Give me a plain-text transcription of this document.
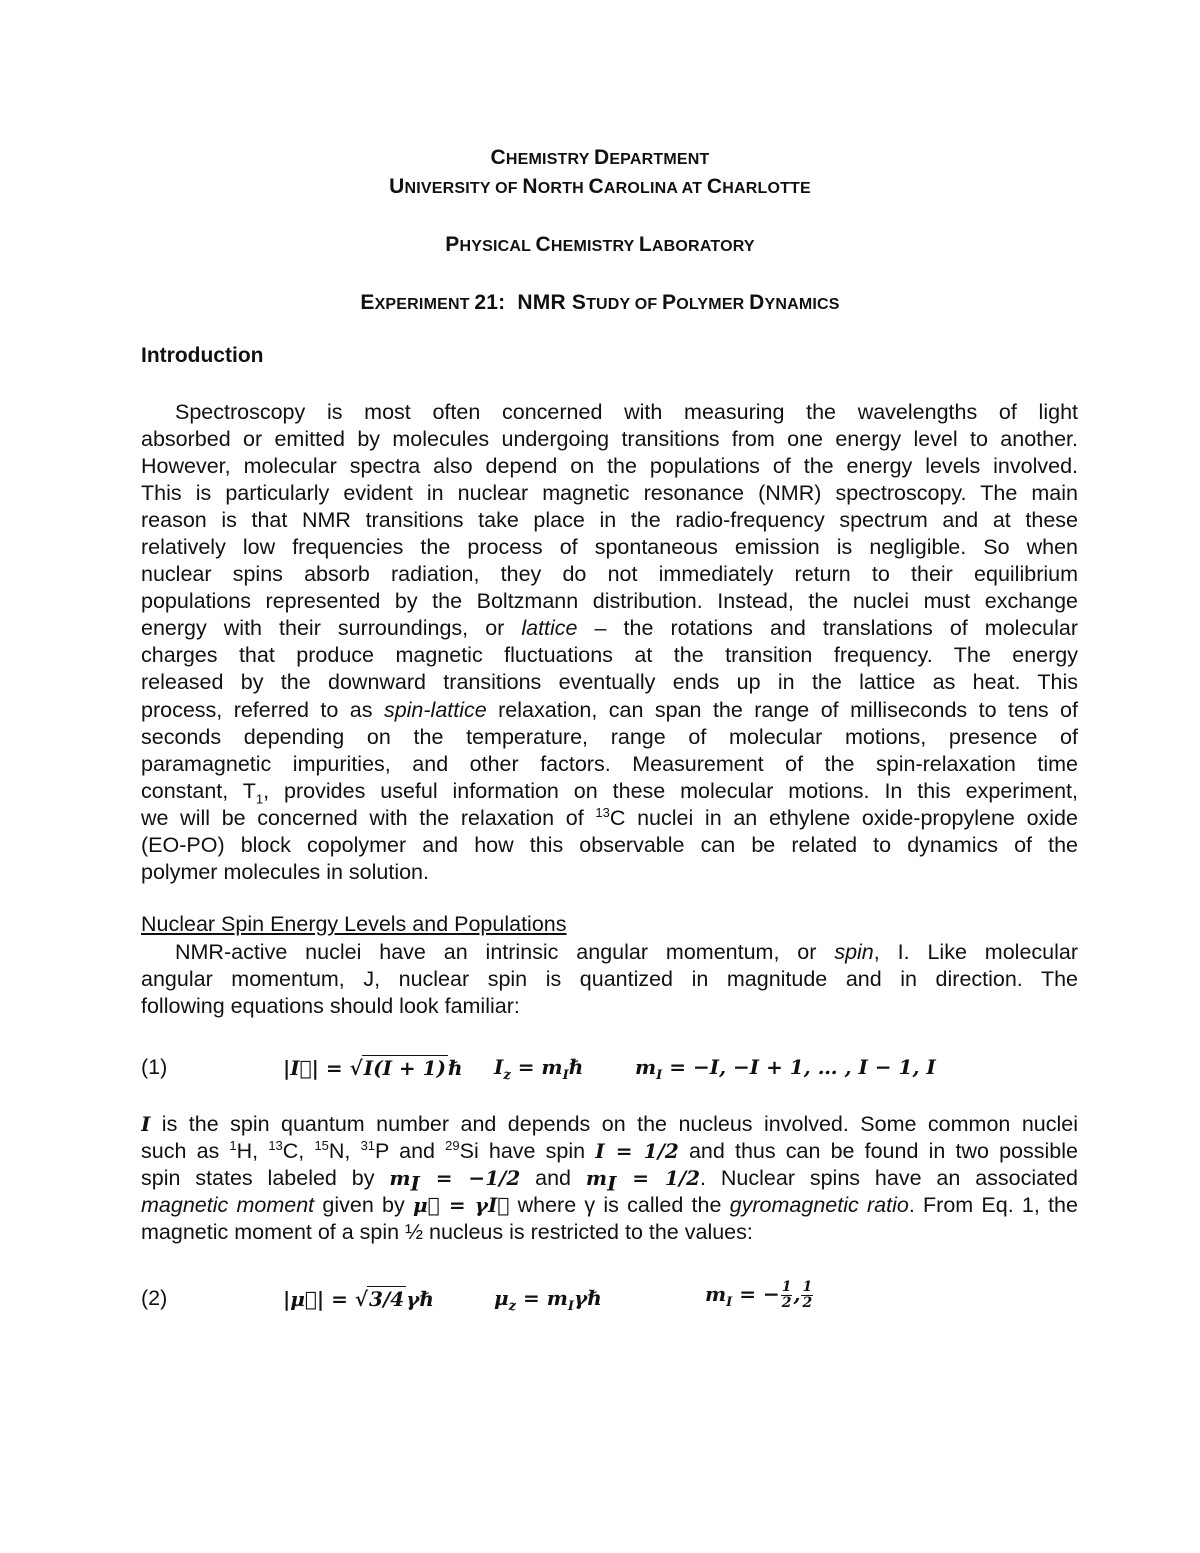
CHEMISTRY DEPARTMENT
UNIVERSITY OF NORTH CAROLINA AT CHARLOTTE
PHYSICAL CHEMISTRY LABORATORY
EXPERIMENT 21:  NMR STUDY OF POLYMER DYNAMICS
Introduction
Spectroscopy is most often concerned with measuring the wavelengths of light
absorbed or emitted by molecules undergoing transitions from one energy level to another.
However, molecular spectra also depend on the populations of the energy levels involved.
This is particularly evident in nuclear magnetic resonance (NMR) spectroscopy. The main
reason is that NMR transitions take place in the radio-frequency spectrum and at these
relatively low frequencies the process of spontaneous emission is negligible. So when
nuclear spins absorb radiation, they do not immediately return to their equilibrium
populations represented by the Boltzmann distribution. Instead, the nuclei must exchange
energy with their surroundings, or lattice – the rotations and translations of molecular
charges that produce magnetic fluctuations at the transition frequency. The energy
released by the downward transitions eventually ends up in the lattice as heat. This
process, referred to as spin-lattice relaxation, can span the range of milliseconds to tens of
seconds depending on the temperature, range of molecular motions, presence of
paramagnetic impurities, and other factors. Measurement of the spin-relaxation time
constant, $T_1$, provides useful information on these molecular motions. In this experiment,
we will be concerned with the relaxation of $^{13}$C nuclei in an ethylene oxide-propylene oxide
(EO-PO) block copolymer and how this observable can be related to dynamics of the
polymer molecules in solution.
Nuclear Spin Energy Levels and Populations
NMR-active nuclei have an intrinsic angular momentum, or spin, I. Like molecular
angular momentum, J, nuclear spin is quantized in magnitude and in direction. The
following equations should look familiar:
(1)	|I⃗| = √I(I + 1) ℏ $I_z$ = $m_I\hbar$	$m_I = -I$, −I + 1, … , I − 1, I
I is the spin quantum number and depends on the nucleus involved. Some common nuclei
such as $^1$H, $^{13}$C, $^{15}$N, $^{31}$P and $^{29}$Si have spin I = 1/2 and thus can be found in two possible
spin states labeled by $m_I = -1/2$ and $m_I = 1/2$. Nuclear spins have an associated
magnetic moment given by μ⃗ = γI⃗ where γ is called the gyromagnetic ratio. From Eq. 1, the
magnetic moment of a spin ½ nucleus is restricted to the values:
(2)	|μ⃗| = √3/4 γℏ	$\mu_z$ = $m_I\gamma\hbar$	$m_I$ = − $\frac{1}{2}$ , $\frac{1}{2}$
